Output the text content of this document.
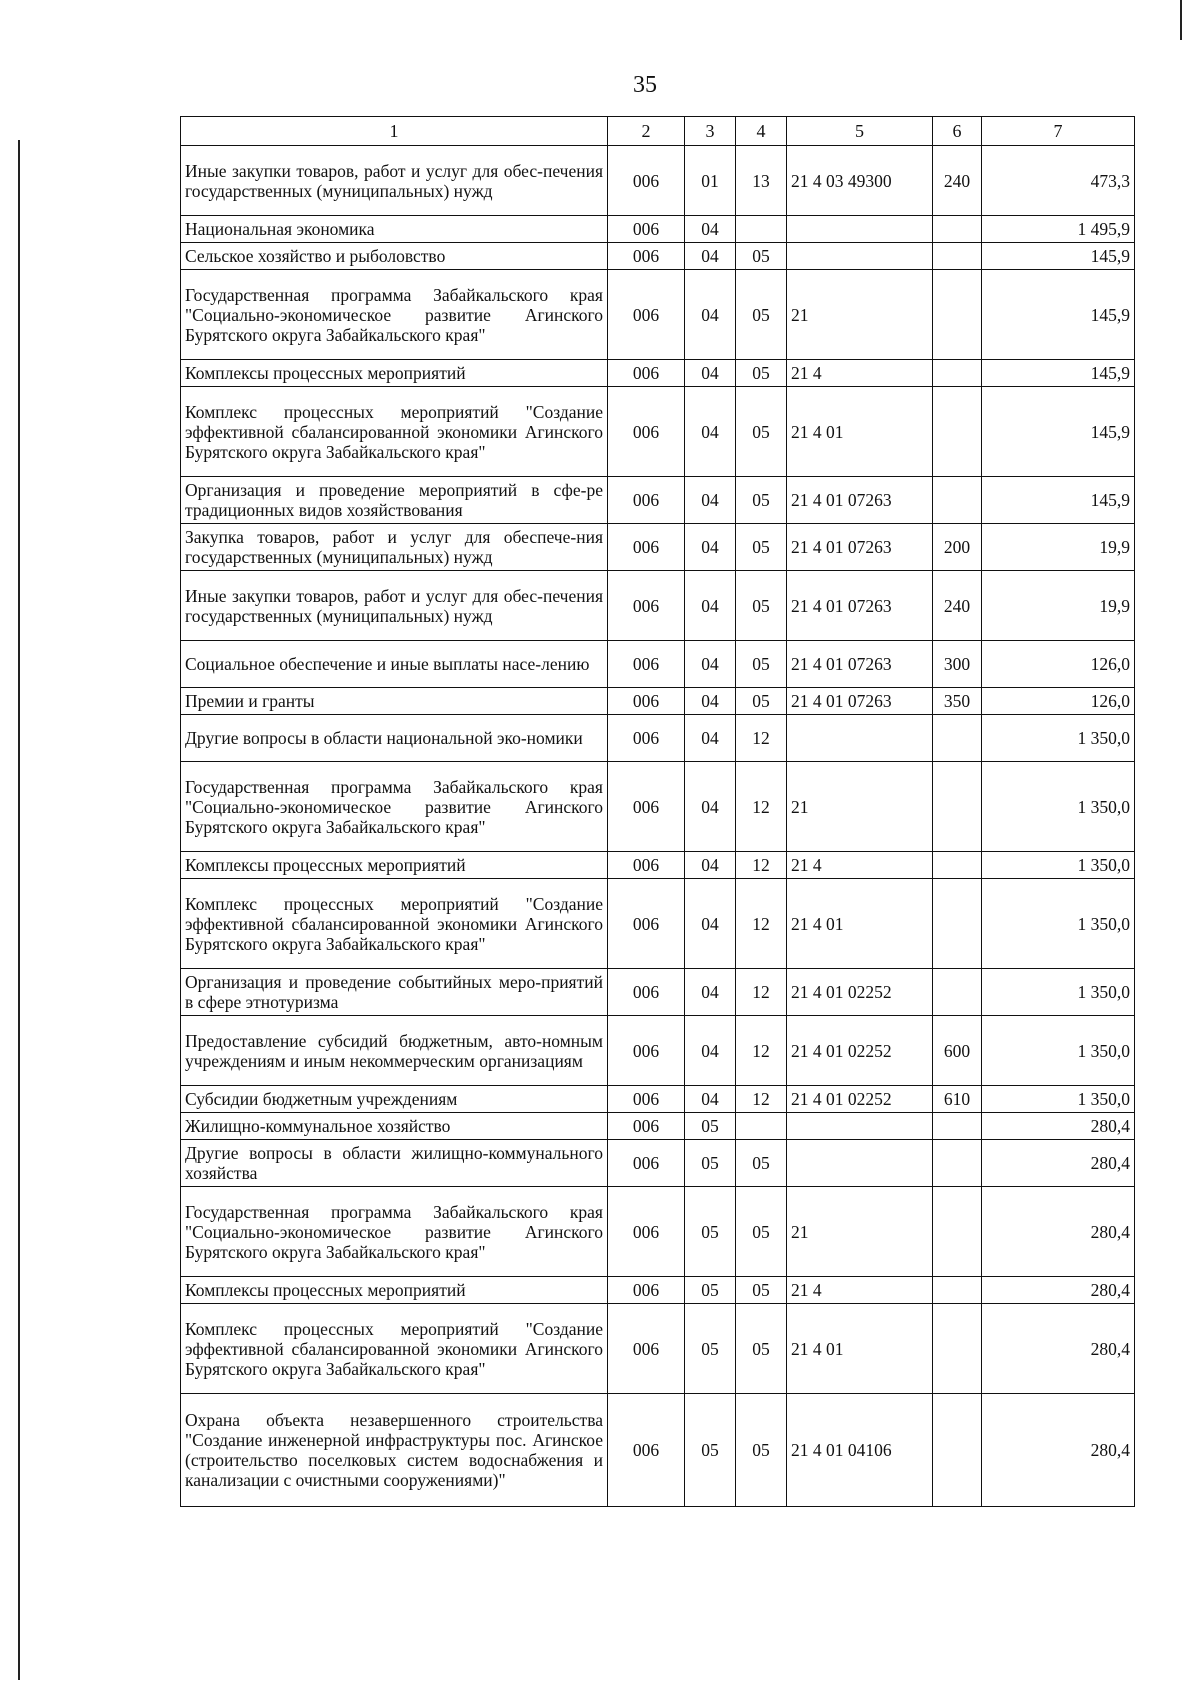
35
1	2	3	4	5	6	7
Иные закупки товаров, работ и услуг для обес-печения государственных (муниципальных) нужд	006	01	13	21 4 03 49300	240	473,3
Национальная экономика	006	04				1 495,9
Сельское хозяйство и рыболовство	006	04	05			145,9
Государственная программа Забайкальского края "Социально-экономическое развитие Агинского Бурятского округа Забайкальского края"	006	04	05	21		145,9
Комплексы процессных мероприятий	006	04	05	21 4		145,9
Комплекс процессных мероприятий "Создание эффективной сбалансированной экономики Агинского Бурятского округа Забайкальского края"	006	04	05	21 4 01		145,9
Организация и проведение мероприятий в сфе-ре традиционных видов хозяйствования	006	04	05	21 4 01 07263		145,9
Закупка товаров, работ и услуг для обеспече-ния государственных (муниципальных) нужд	006	04	05	21 4 01 07263	200	19,9
Иные закупки товаров, работ и услуг для обес-печения государственных (муниципальных) нужд	006	04	05	21 4 01 07263	240	19,9
Социальное обеспечение и иные выплаты насе-лению	006	04	05	21 4 01 07263	300	126,0
Премии и гранты	006	04	05	21 4 01 07263	350	126,0
Другие вопросы в области национальной эко-номики	006	04	12			1 350,0
Государственная программа Забайкальского края "Социально-экономическое развитие Агинского Бурятского округа Забайкальского края"	006	04	12	21		1 350,0
Комплексы процессных мероприятий	006	04	12	21 4		1 350,0
Комплекс процессных мероприятий "Создание эффективной сбалансированной экономики Агинского Бурятского округа Забайкальского края"	006	04	12	21 4 01		1 350,0
Организация и проведение событийных меро-приятий в сфере этнотуризма	006	04	12	21 4 01 02252		1 350,0
Предоставление субсидий бюджетным, авто-номным учреждениям и иным некоммерческим организациям	006	04	12	21 4 01 02252	600	1 350,0
Субсидии бюджетным учреждениям	006	04	12	21 4 01 02252	610	1 350,0
Жилищно-коммунальное хозяйство	006	05				280,4
Другие вопросы в области жилищно-коммунального хозяйства	006	05	05			280,4
Государственная программа Забайкальского края "Социально-экономическое развитие Агинского Бурятского округа Забайкальского края"	006	05	05	21		280,4
Комплексы процессных мероприятий	006	05	05	21 4		280,4
Комплекс процессных мероприятий "Создание эффективной сбалансированной экономики Агинского Бурятского округа Забайкальского края"	006	05	05	21 4 01		280,4
Охрана объекта незавершенного строительства "Создание инженерной инфраструктуры пос. Агинское (строительство поселковых систем водоснабжения и канализации с очистными сооружениями)"	006	05	05	21 4 01 04106		280,4
